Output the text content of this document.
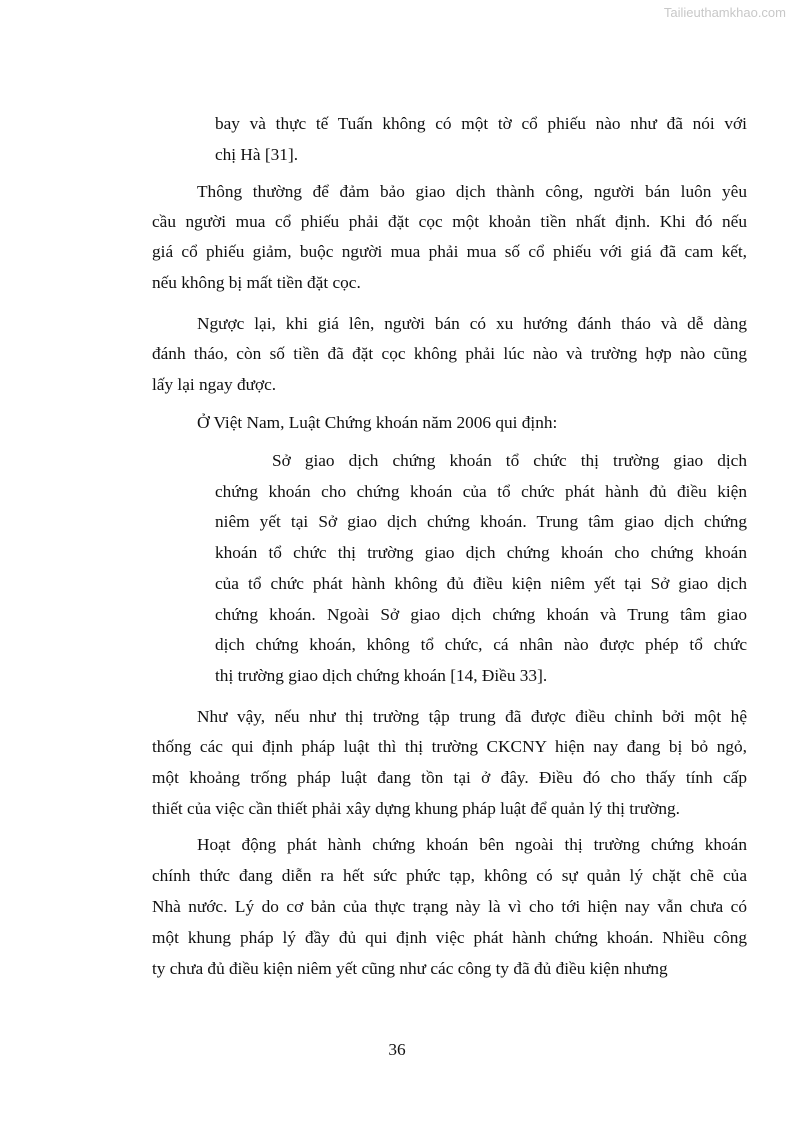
Tailieuthamkhao.com
bay và thực tế Tuấn không có một tờ cổ phiếu nào như đã nói với
chị Hà [31].
Thông thường để đảm bảo giao dịch thành công, người bán luôn yêu
cầu người mua cổ phiếu phải đặt cọc một khoản tiền nhất định. Khi đó nếu
giá cổ phiếu giảm, buộc người mua phải mua số cổ phiếu với giá đã cam kết,
nếu không bị mất tiền đặt cọc.
Ngược lại, khi giá lên, người bán có xu hướng đánh tháo và dễ dàng
đánh tháo, còn số tiền đã đặt cọc không phải lúc nào và trường hợp nào cũng
lấy lại ngay được.
Ở Việt Nam, Luật Chứng khoán năm 2006 qui định:
Sở giao dịch chứng khoán tổ chức thị trường giao dịch
chứng khoán cho chứng khoán của tổ chức phát hành đủ điều kiện
niêm yết tại Sở giao dịch chứng khoán. Trung tâm giao dịch chứng
khoán tổ chức thị trường giao dịch chứng khoán cho chứng khoán
của tổ chức phát hành không đủ điều kiện niêm yết tại Sở giao dịch
chứng khoán. Ngoài Sở giao dịch chứng khoán và Trung tâm giao
dịch chứng khoán, không tổ chức, cá nhân nào được phép tổ chức
thị trường giao dịch chứng khoán [14, Điều 33].
Như vậy, nếu như thị trường tập trung đã được điều chỉnh bởi một hệ
thống các qui định pháp luật thì thị trường CKCNY hiện nay đang bị bỏ ngỏ,
một khoảng trống pháp luật đang tồn tại ở đây. Điều đó cho thấy tính cấp
thiết của việc cần thiết phải xây dựng khung pháp luật để quản lý thị trường.
Hoạt động phát hành chứng khoán bên ngoài thị trường chứng khoán
chính thức đang diễn ra hết sức phức tạp, không có sự quản lý chặt chẽ của
Nhà nước. Lý do cơ bản của thực trạng này là vì cho tới hiện nay vẫn chưa có
một khung pháp lý đầy đủ qui định việc phát hành chứng khoán. Nhiều công
ty chưa đủ điều kiện niêm yết cũng như các công ty đã đủ điều kiện nhưng
36
